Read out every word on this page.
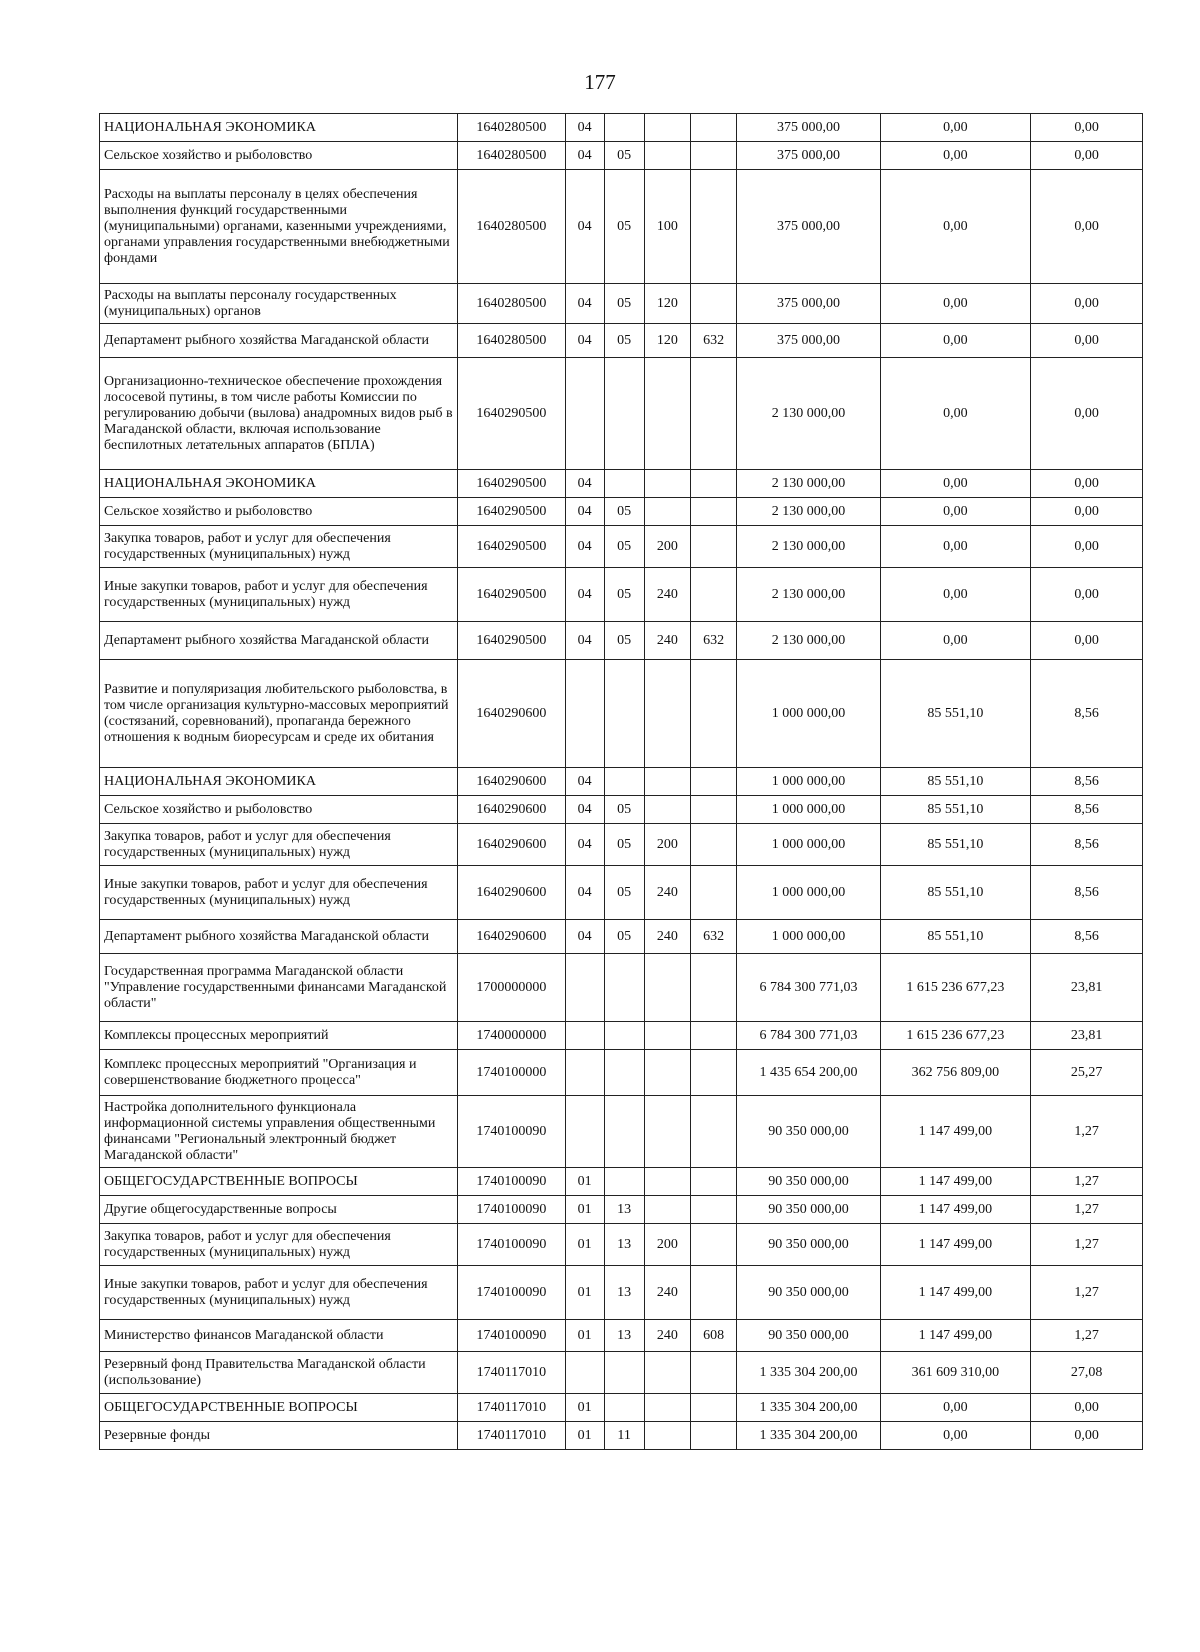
177
НАЦИОНАЛЬНАЯ ЭКОНОМИКА	1640280500	04				375 000,00	0,00	0,00
Сельское хозяйство и рыболовство	1640280500	04	05			375 000,00	0,00	0,00
Расходы на выплаты персоналу в целях обеспечения выполнения функций государственными (муниципальными) органами, казенными учреждениями, органами управления государственными внебюджетными фондами	1640280500	04	05	100		375 000,00	0,00	0,00
Расходы на выплаты персоналу государственных (муниципальных) органов	1640280500	04	05	120		375 000,00	0,00	0,00
Департамент рыбного хозяйства Магаданской области	1640280500	04	05	120	632	375 000,00	0,00	0,00
Организационно-техническое обеспечение прохождения лососевой путины, в том числе работы Комиссии по регулированию добычи (вылова) анадромных видов рыб в Магаданской области, включая использование беспилотных летательных аппаратов (БПЛА)	1640290500					2 130 000,00	0,00	0,00
НАЦИОНАЛЬНАЯ ЭКОНОМИКА	1640290500	04				2 130 000,00	0,00	0,00
Сельское хозяйство и рыболовство	1640290500	04	05			2 130 000,00	0,00	0,00
Закупка товаров, работ и услуг для обеспечения государственных (муниципальных) нужд	1640290500	04	05	200		2 130 000,00	0,00	0,00
Иные закупки товаров, работ и услуг для обеспечения государственных (муниципальных) нужд	1640290500	04	05	240		2 130 000,00	0,00	0,00
Департамент рыбного хозяйства Магаданской области	1640290500	04	05	240	632	2 130 000,00	0,00	0,00
Развитие и популяризация любительского рыболовства, в том числе организация культурно-массовых мероприятий (состязаний, соревнований), пропаганда бережного отношения к водным биоресурсам и среде их обитания	1640290600					1 000 000,00	85 551,10	8,56
НАЦИОНАЛЬНАЯ ЭКОНОМИКА	1640290600	04				1 000 000,00	85 551,10	8,56
Сельское хозяйство и рыболовство	1640290600	04	05			1 000 000,00	85 551,10	8,56
Закупка товаров, работ и услуг для обеспечения государственных (муниципальных) нужд	1640290600	04	05	200		1 000 000,00	85 551,10	8,56
Иные закупки товаров, работ и услуг для обеспечения государственных (муниципальных) нужд	1640290600	04	05	240		1 000 000,00	85 551,10	8,56
Департамент рыбного хозяйства Магаданской области	1640290600	04	05	240	632	1 000 000,00	85 551,10	8,56
Государственная программа Магаданской области "Управление государственными финансами Магаданской области"	1700000000					6 784 300 771,03	1 615 236 677,23	23,81
Комплексы процессных мероприятий	1740000000					6 784 300 771,03	1 615 236 677,23	23,81
Комплекс процессных мероприятий "Организация и совершенствование бюджетного процесса"	1740100000					1 435 654 200,00	362 756 809,00	25,27
Настройка дополнительного функционала информационной системы управления общественными финансами "Региональный электронный бюджет Магаданской области"	1740100090					90 350 000,00	1 147 499,00	1,27
ОБЩЕГОСУДАРСТВЕННЫЕ ВОПРОСЫ	1740100090	01				90 350 000,00	1 147 499,00	1,27
Другие общегосударственные вопросы	1740100090	01	13			90 350 000,00	1 147 499,00	1,27
Закупка товаров, работ и услуг для обеспечения государственных (муниципальных) нужд	1740100090	01	13	200		90 350 000,00	1 147 499,00	1,27
Иные закупки товаров, работ и услуг для обеспечения государственных (муниципальных) нужд	1740100090	01	13	240		90 350 000,00	1 147 499,00	1,27
Министерство финансов Магаданской области	1740100090	01	13	240	608	90 350 000,00	1 147 499,00	1,27
Резервный фонд Правительства Магаданской области (использование)	1740117010					1 335 304 200,00	361 609 310,00	27,08
ОБЩЕГОСУДАРСТВЕННЫЕ ВОПРОСЫ	1740117010	01				1 335 304 200,00	0,00	0,00
Резервные фонды	1740117010	01	11			1 335 304 200,00	0,00	0,00
